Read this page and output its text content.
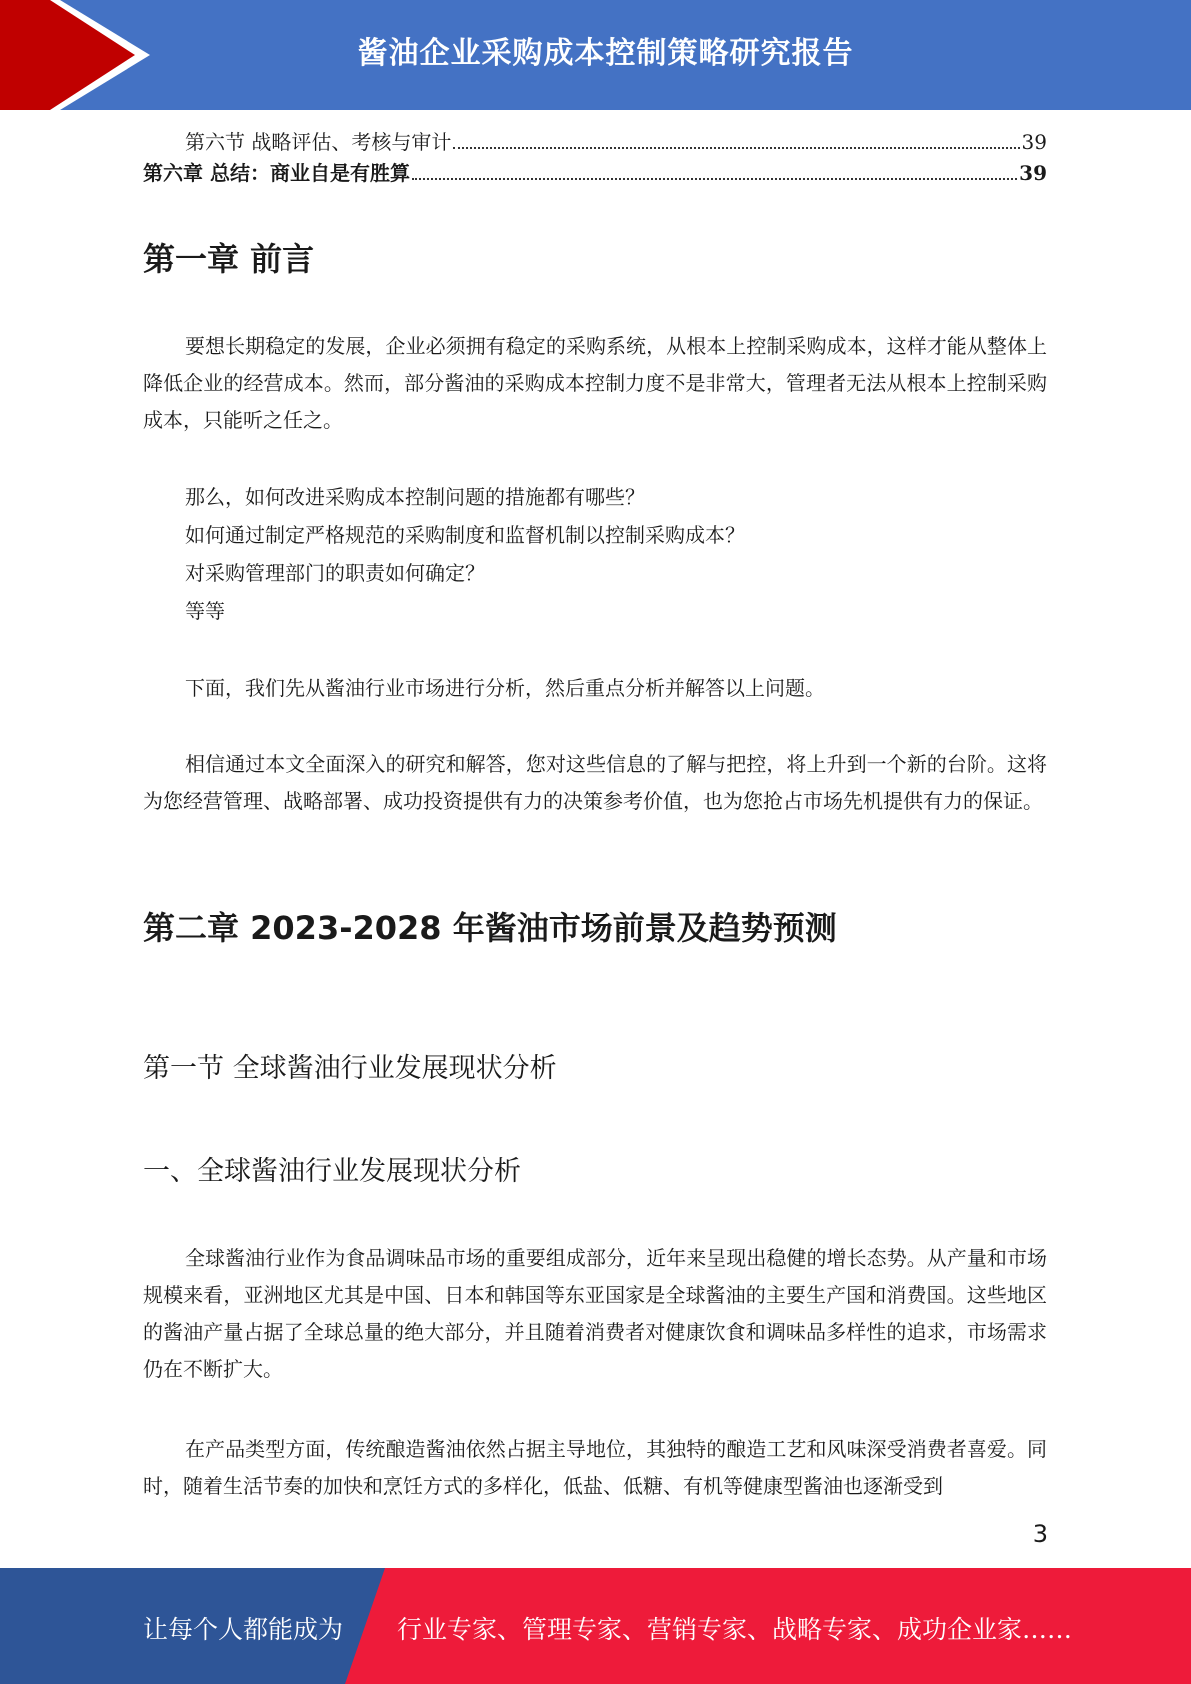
酱油企业采购成本控制策略研究报告
第六节 战略评估、考核与审计	39
第六章 总结：商业自是有胜算	39
第一章 前言

要想长期稳定的发展，企业必须拥有稳定的采购系统，从根本上控制采购成本，这样才能从整体上降低企业的经营成本。然而，部分酱油的采购成本控制力度不是非常大，管理者无法从根本上控制采购成本，只能听之任之。

那么，如何改进采购成本控制问题的措施都有哪些？
如何通过制定严格规范的采购制度和监督机制以控制采购成本？
对采购管理部门的职责如何确定？
等等

下面，我们先从酱油行业市场进行分析，然后重点分析并解答以上问题。

相信通过本文全面深入的研究和解答，您对这些信息的了解与把控，将上升到一个新的台阶。这将为您经营管理、战略部署、成功投资提供有力的决策参考价值，也为您抢占市场先机提供有力的保证。

第二章 2023-2028 年酱油市场前景及趋势预测
第一节 全球酱油行业发展现状分析
一、全球酱油行业发展现状分析

全球酱油行业作为食品调味品市场的重要组成部分，近年来呈现出稳健的增长态势。从产量和市场规模来看，亚洲地区尤其是中国、日本和韩国等东亚国家是全球酱油的主要生产国和消费国。这些地区的酱油产量占据了全球总量的绝大部分，并且随着消费者对健康饮食和调味品多样性的追求，市场需求仍在不断扩大。

在产品类型方面，传统酿造酱油依然占据主导地位，其独特的酿造工艺和风味深受消费者喜爱。同时，随着生活节奏的加快和烹饪方式的多样化，低盐、低糖、有机等健康型酱油也逐渐受到

3
让每个人都能成为 行业专家、管理专家、营销专家、战略专家、成功企业家……
